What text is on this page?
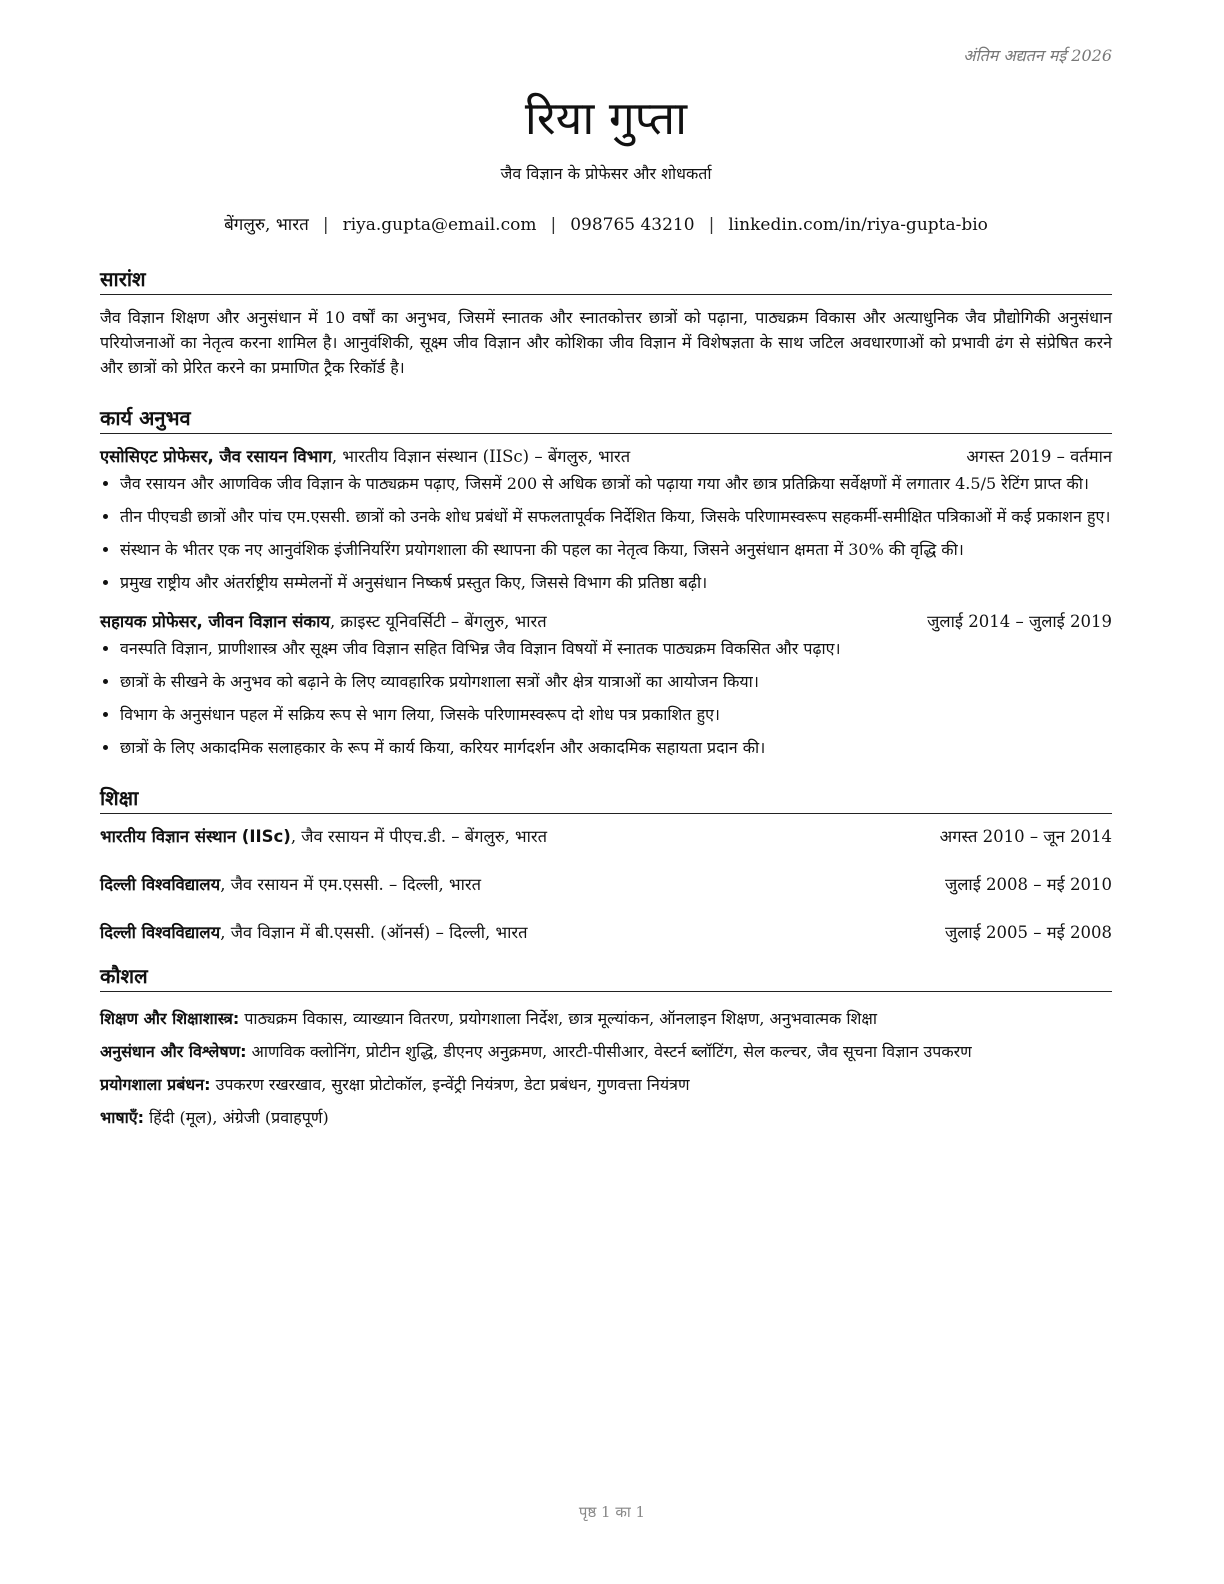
अंतिम अद्यतन मई 2026
रिया गुप्ता
जैव विज्ञान के प्रोफेसर और शोधकर्ता
बेंगलुरु, भारत | riya.gupta@email.com | 098765 43210 | linkedin.com/in/riya-gupta-bio
सारांश
जैव विज्ञान शिक्षण और अनुसंधान में 10 वर्षों का अनुभव, जिसमें स्नातक और स्नातकोत्तर छात्रों को पढ़ाना, पाठ्यक्रम विकास और अत्याधुनिक जैव प्रौद्योगिकी अनुसंधान परियोजनाओं का नेतृत्व करना शामिल है। आनुवंशिकी, सूक्ष्म जीव विज्ञान और कोशिका जीव विज्ञान में विशेषज्ञता के साथ जटिल अवधारणाओं को प्रभावी ढंग से संप्रेषित करने और छात्रों को प्रेरित करने का प्रमाणित ट्रैक रिकॉर्ड है।
कार्य अनुभव
एसोसिएट प्रोफेसर, जैव रसायन विभाग, भारतीय विज्ञान संस्थान (IISc) – बेंगलुरु, भारत	अगस्त 2019 – वर्तमान
• जैव रसायन और आणविक जीव विज्ञान के पाठ्यक्रम पढ़ाए, जिसमें 200 से अधिक छात्रों को पढ़ाया गया और छात्र प्रतिक्रिया सर्वेक्षणों में लगातार 4.5/5 रेटिंग प्राप्त की।
• तीन पीएचडी छात्रों और पांच एम.एससी. छात्रों को उनके शोध प्रबंधों में सफलतापूर्वक निर्देशित किया, जिसके परिणामस्वरूप सहकर्मी-समीक्षित पत्रिकाओं में कई प्रकाशन हुए।
• संस्थान के भीतर एक नए आनुवंशिक इंजीनियरिंग प्रयोगशाला की स्थापना की पहल का नेतृत्व किया, जिसने अनुसंधान क्षमता में 30% की वृद्धि की।
• प्रमुख राष्ट्रीय और अंतर्राष्ट्रीय सम्मेलनों में अनुसंधान निष्कर्ष प्रस्तुत किए, जिससे विभाग की प्रतिष्ठा बढ़ी।
सहायक प्रोफेसर, जीवन विज्ञान संकाय, क्राइस्ट यूनिवर्सिटी – बेंगलुरु, भारत	जुलाई 2014 – जुलाई 2019
• वनस्पति विज्ञान, प्राणीशास्त्र और सूक्ष्म जीव विज्ञान सहित विभिन्न जैव विज्ञान विषयों में स्नातक पाठ्यक्रम विकसित और पढ़ाए।
• छात्रों के सीखने के अनुभव को बढ़ाने के लिए व्यावहारिक प्रयोगशाला सत्रों और क्षेत्र यात्राओं का आयोजन किया।
• विभाग के अनुसंधान पहल में सक्रिय रूप से भाग लिया, जिसके परिणामस्वरूप दो शोध पत्र प्रकाशित हुए।
• छात्रों के लिए अकादमिक सलाहकार के रूप में कार्य किया, करियर मार्गदर्शन और अकादमिक सहायता प्रदान की।
शिक्षा
भारतीय विज्ञान संस्थान (IISc), जैव रसायन में पीएच.डी. – बेंगलुरु, भारत	अगस्त 2010 – जून 2014
दिल्ली विश्वविद्यालय, जैव रसायन में एम.एससी. – दिल्ली, भारत	जुलाई 2008 – मई 2010
दिल्ली विश्वविद्यालय, जैव विज्ञान में बी.एससी. (ऑनर्स) – दिल्ली, भारत	जुलाई 2005 – मई 2008
कौशल
शिक्षण और शिक्षाशास्त्र: पाठ्यक्रम विकास, व्याख्यान वितरण, प्रयोगशाला निर्देश, छात्र मूल्यांकन, ऑनलाइन शिक्षण, अनुभवात्मक शिक्षा
अनुसंधान और विश्लेषण: आणविक क्लोनिंग, प्रोटीन शुद्धि, डीएनए अनुक्रमण, आरटी-पीसीआर, वेस्टर्न ब्लॉटिंग, सेल कल्चर, जैव सूचना विज्ञान उपकरण
प्रयोगशाला प्रबंधन: उपकरण रखरखाव, सुरक्षा प्रोटोकॉल, इन्वेंट्री नियंत्रण, डेटा प्रबंधन, गुणवत्ता नियंत्रण
भाषाएँ: हिंदी (मूल), अंग्रेजी (प्रवाहपूर्ण)
पृष्ठ 1 का 1
